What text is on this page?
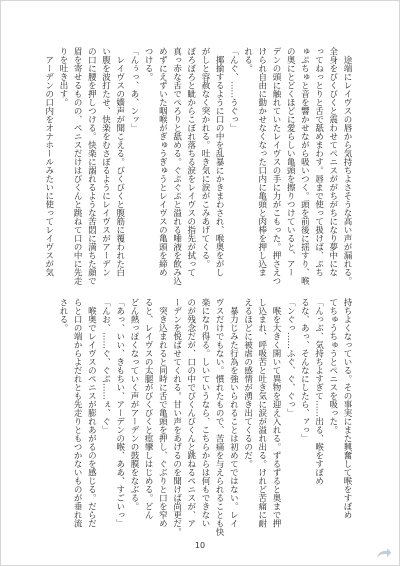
　途端にレイヴスの唇から気持ちよさそうな高い声が漏れる。
全身をびくびくと震わせてペニスががちがちになり夢中にな
ってねっとりと舌で舐めまわす。唇まで使って扱けば、ぷち
ゅぷちゅと音を響かせながら吸いつく。頭を前後に揺すり、喉
の奥にとどくほどに愛らしい亀頭を擦りつけていると、アー
デンの頭に触れていたレイヴスの手に力がこもった。押さえつ
けられ自由に動かせなくなった口内に亀頭と肉棒を押し込ま
れる。
「んぐ、……うぐっ」
　揶揄するように口の中を乱暴にかきまわされ、喉奥をがし
がしと容赦なく突かれる。吐き気に涙がこみあげてくる。
ぼろぼろと眦からこぼれ落ちる涙をレイヴスの指先が拭って
真っ赤な舌でぺろりと舐める。ぐぷぐぷと溢れる唾液を飲み込
めずにえずいた咽喉がぎゅうぎゅうとレイヴスの亀頭を締め
つける。
「んぅっ、あ、ンッ」
　レイヴスの嬌声が聞こえる。びくびくと腹筋に覆われた白
い腹を波打たせ、快楽をむさぼるようにレイヴスがアーデン
の口に腰を押しつける。快楽に溺れるような苦悶に満ちた顔で
眉を寄せるものの、ペニスだけはびくんと跳ねて口の中に先走
りを吐き出す。
　アーデンの口内をオナホールみたいに使ってレイヴスが気
持ちよくなっている。その事実にまた興奮して喉をすぼめ
てちゅうちゅうとペニスを吸った。
「んっぶ、気持ちよすぎて……出る、喉をすぼめ
るな、あっ、そんなにしたら、ァっ」
「ンぐっ……ふぐ、ぐ、ぐっ」
　喉を大きく開いて異物を迎え入れる。ずるずると奥まで押
し込まれ、呼吸苦と吐き気に涙が溢れ出る。けれど苦痛に耐
えるほどに被虐の感情が湧き出てくるのだ。
　暴力じみた行為を強いられることは初めてではない。レイ
ヴスだけでもない。慣れたもので、苦痛を与えられることも快
楽になり得る。しいていうなら、こちらからは何もできない
のが残念だが、口の中でびくんびくんと跳ねるペニスが、ア
ーデンを悦ばせてくれる。甘い声をあげるのを聞けば尚更だ。
　突き込まれると同時に舌で亀頭を押し、ぐぶりと口を窄め
ると、レイヴスの太腿がびくびくと痙攣しはじめる。どん
どん熱っぽくなっていく声がアーデンの鼓膜をなぶる。
「あっ、いい、きもちい、アーデンの喉、ああ、すごいっ」
「んお、……ぐ、ぐぶ……ぇ、ぐ」
　喉奥でレイヴスのペニスが膨れあがるのを感じる。だらだ
らと口の端からよだれとも先走りともつかないものが垂れ流
される。
10
